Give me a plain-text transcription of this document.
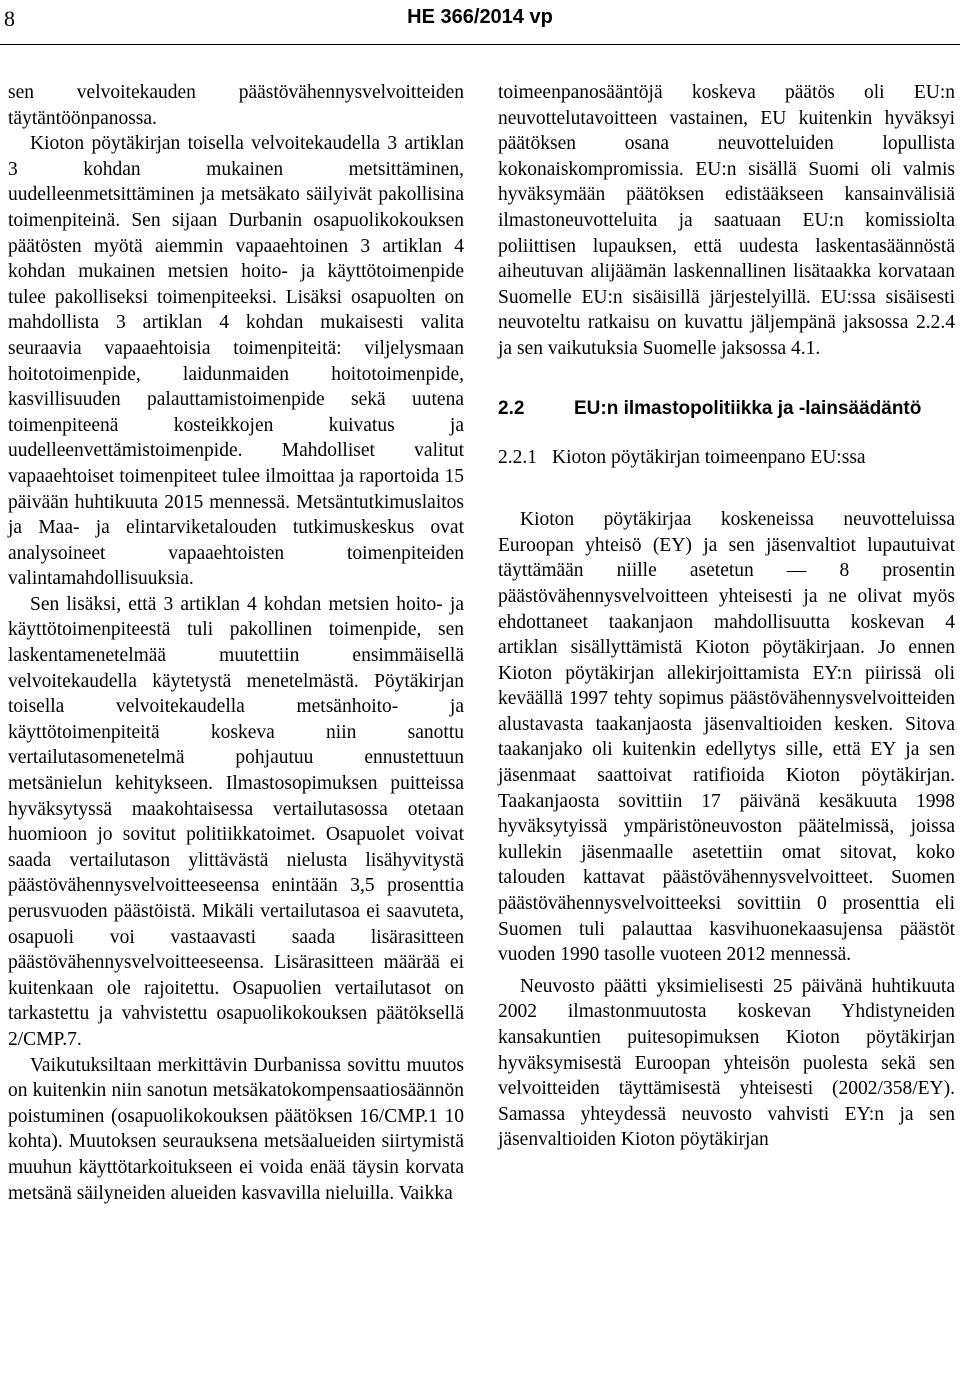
8	HE 366/2014 vp

sen velvoitekauden päästövähennysvelvoitteiden täytäntöönpanossa.

Kioton pöytäkirjan toisella velvoitekaudella 3 artiklan 3 kohdan mukainen metsittäminen, uudelleenmetsittäminen ja metsäkato säilyivät pakollisina toimenpiteinä. Sen sijaan Durbanin osapuolikokouksen päätösten myötä aiemmin vapaaehtoinen 3 artiklan 4 kohdan mukainen metsien hoito- ja käyttötoimenpide tulee pakolliseksi toimenpiteeksi. Lisäksi osapuolten on mahdollista 3 artiklan 4 kohdan mukaisesti valita seuraavia vapaaehtoisia toimenpiteitä: viljelysmaan hoitotoimenpide, laidunmaiden hoitotoimenpide, kasvillisuuden palauttamistoimenpide sekä uutena toimenpiteenä kosteikkojen kuivatus ja uudelleenvettämistoimenpide. Mahdolliset valitut vapaaehtoiset toimenpiteet tulee ilmoittaa ja raportoida 15 päivään huhtikuuta 2015 mennessä. Metsäntutkimuslaitos ja Maa- ja elintarviketalouden tutkimuskeskus ovat analysoineet vapaaehtoisten toimenpiteiden valintamahdollisuuksia.

Sen lisäksi, että 3 artiklan 4 kohdan metsien hoito- ja käyttötoimenpiteestä tuli pakollinen toimenpide, sen laskentamenetelmää muutettiin ensimmäisellä velvoitekaudella käytetystä menetelmästä. Pöytäkirjan toisella velvoitekaudella metsänhoito- ja käyttötoimenpiteitä koskeva niin sanottu vertailutasomenetelmä pohjautuu ennustettuun metsänielun kehitykseen. Ilmastosopimuksen puitteissa hyväksytyssä maakohtaisessa vertailutasossa otetaan huomioon jo sovitut politiikkatoimet. Osapuolet voivat saada vertailutason ylittävästä nielusta lisähyvitystä päästövähennysvelvoitteeseensa enintään 3,5 prosenttia perusvuoden päästöistä. Mikäli vertailutasoa ei saavuteta, osapuoli voi vastaavasti saada lisärasitteen päästövähennysvelvoitteeseensa. Lisärasitteen määrää ei kuitenkaan ole rajoitettu. Osapuolien vertailutasot on tarkastettu ja vahvistettu osapuolikokouksen päätöksellä 2/CMP.7.

Vaikutuksiltaan merkittävin Durbanissa sovittu muutos on kuitenkin niin sanotun metsäkatokompensaatiosäännön poistuminen (osapuolikokouksen päätöksen 16/CMP.1 10 kohta). Muutoksen seurauksena metsäalueiden siirtymistä muuhun käyttötarkoitukseen ei voida enää täysin korvata metsänä säilyneiden alueiden kasvavilla nieluilla. Vaikka

toimeenpanosääntöjä koskeva päätös oli EU:n neuvottelutavoitteen vastainen, EU kuitenkin hyväksyi päätöksen osana neuvotteluiden lopullista kokonaiskompromissia. EU:n sisällä Suomi oli valmis hyväksymään päätöksen edistääkseen kansainvälisiä ilmastoneuvotteluita ja saatuaan EU:n komissiolta poliittisen lupauksen, että uudesta laskentasäännöstä aiheutuvan alijäämän laskennallinen lisätaakka korvataan Suomelle EU:n sisäisillä järjestelyillä. EU:ssa sisäisesti neuvoteltu ratkaisu on kuvattu jäljempänä jaksossa 2.2.4 ja sen vaikutuksia Suomelle jaksossa 4.1.

2.2	EU:n ilmastopolitiikka ja -lainsäädäntö
2.2.1 Kioton pöytäkirjan toimeenpano EU:ssa

Kioton pöytäkirjaa koskeneissa neuvotteluissa Euroopan yhteisö (EY) ja sen jäsenvaltiot lupautuivat täyttämään niille asetetun — 8 prosentin päästövähennysvelvoitteen yhteisesti ja ne olivat myös ehdottaneet taakanjaon mahdollisuutta koskevan 4 artiklan sisällyttämistä Kioton pöytäkirjaan. Jo ennen Kioton pöytäkirjan allekirjoittamista EY:n piirissä oli keväällä 1997 tehty sopimus päästövähennysvelvoitteiden alustavasta taakanjaosta jäsenvaltioiden kesken. Sitova taakanjako oli kuitenkin edellytys sille, että EY ja sen jäsenmaat saattoivat ratifioida Kioton pöytäkirjan. Taakanjaosta sovittiin 17 päivänä kesäkuuta 1998 hyväksytyissä ympäristöneuvoston päätelmissä, joissa kullekin jäsenmaalle asetettiin omat sitovat, koko talouden kattavat päästövähennysvelvoitteet. Suomen päästövähennysvelvoitteeksi sovittiin 0 prosenttia eli Suomen tuli palauttaa kasvihuonekaasujensa päästöt vuoden 1990 tasolle vuoteen 2012 mennessä.

Neuvosto päätti yksimielisesti 25 päivänä huhtikuuta 2002 ilmastonmuutosta koskevan Yhdistyneiden kansakuntien puitesopimuksen Kioton pöytäkirjan hyväksymisestä Euroopan yhteisön puolesta sekä sen velvoitteiden täyttämisestä yhteisesti (2002/358/EY). Samassa yhteydessä neuvosto vahvisti EY:n ja sen jäsenvaltioiden Kioton pöytäkirjan
